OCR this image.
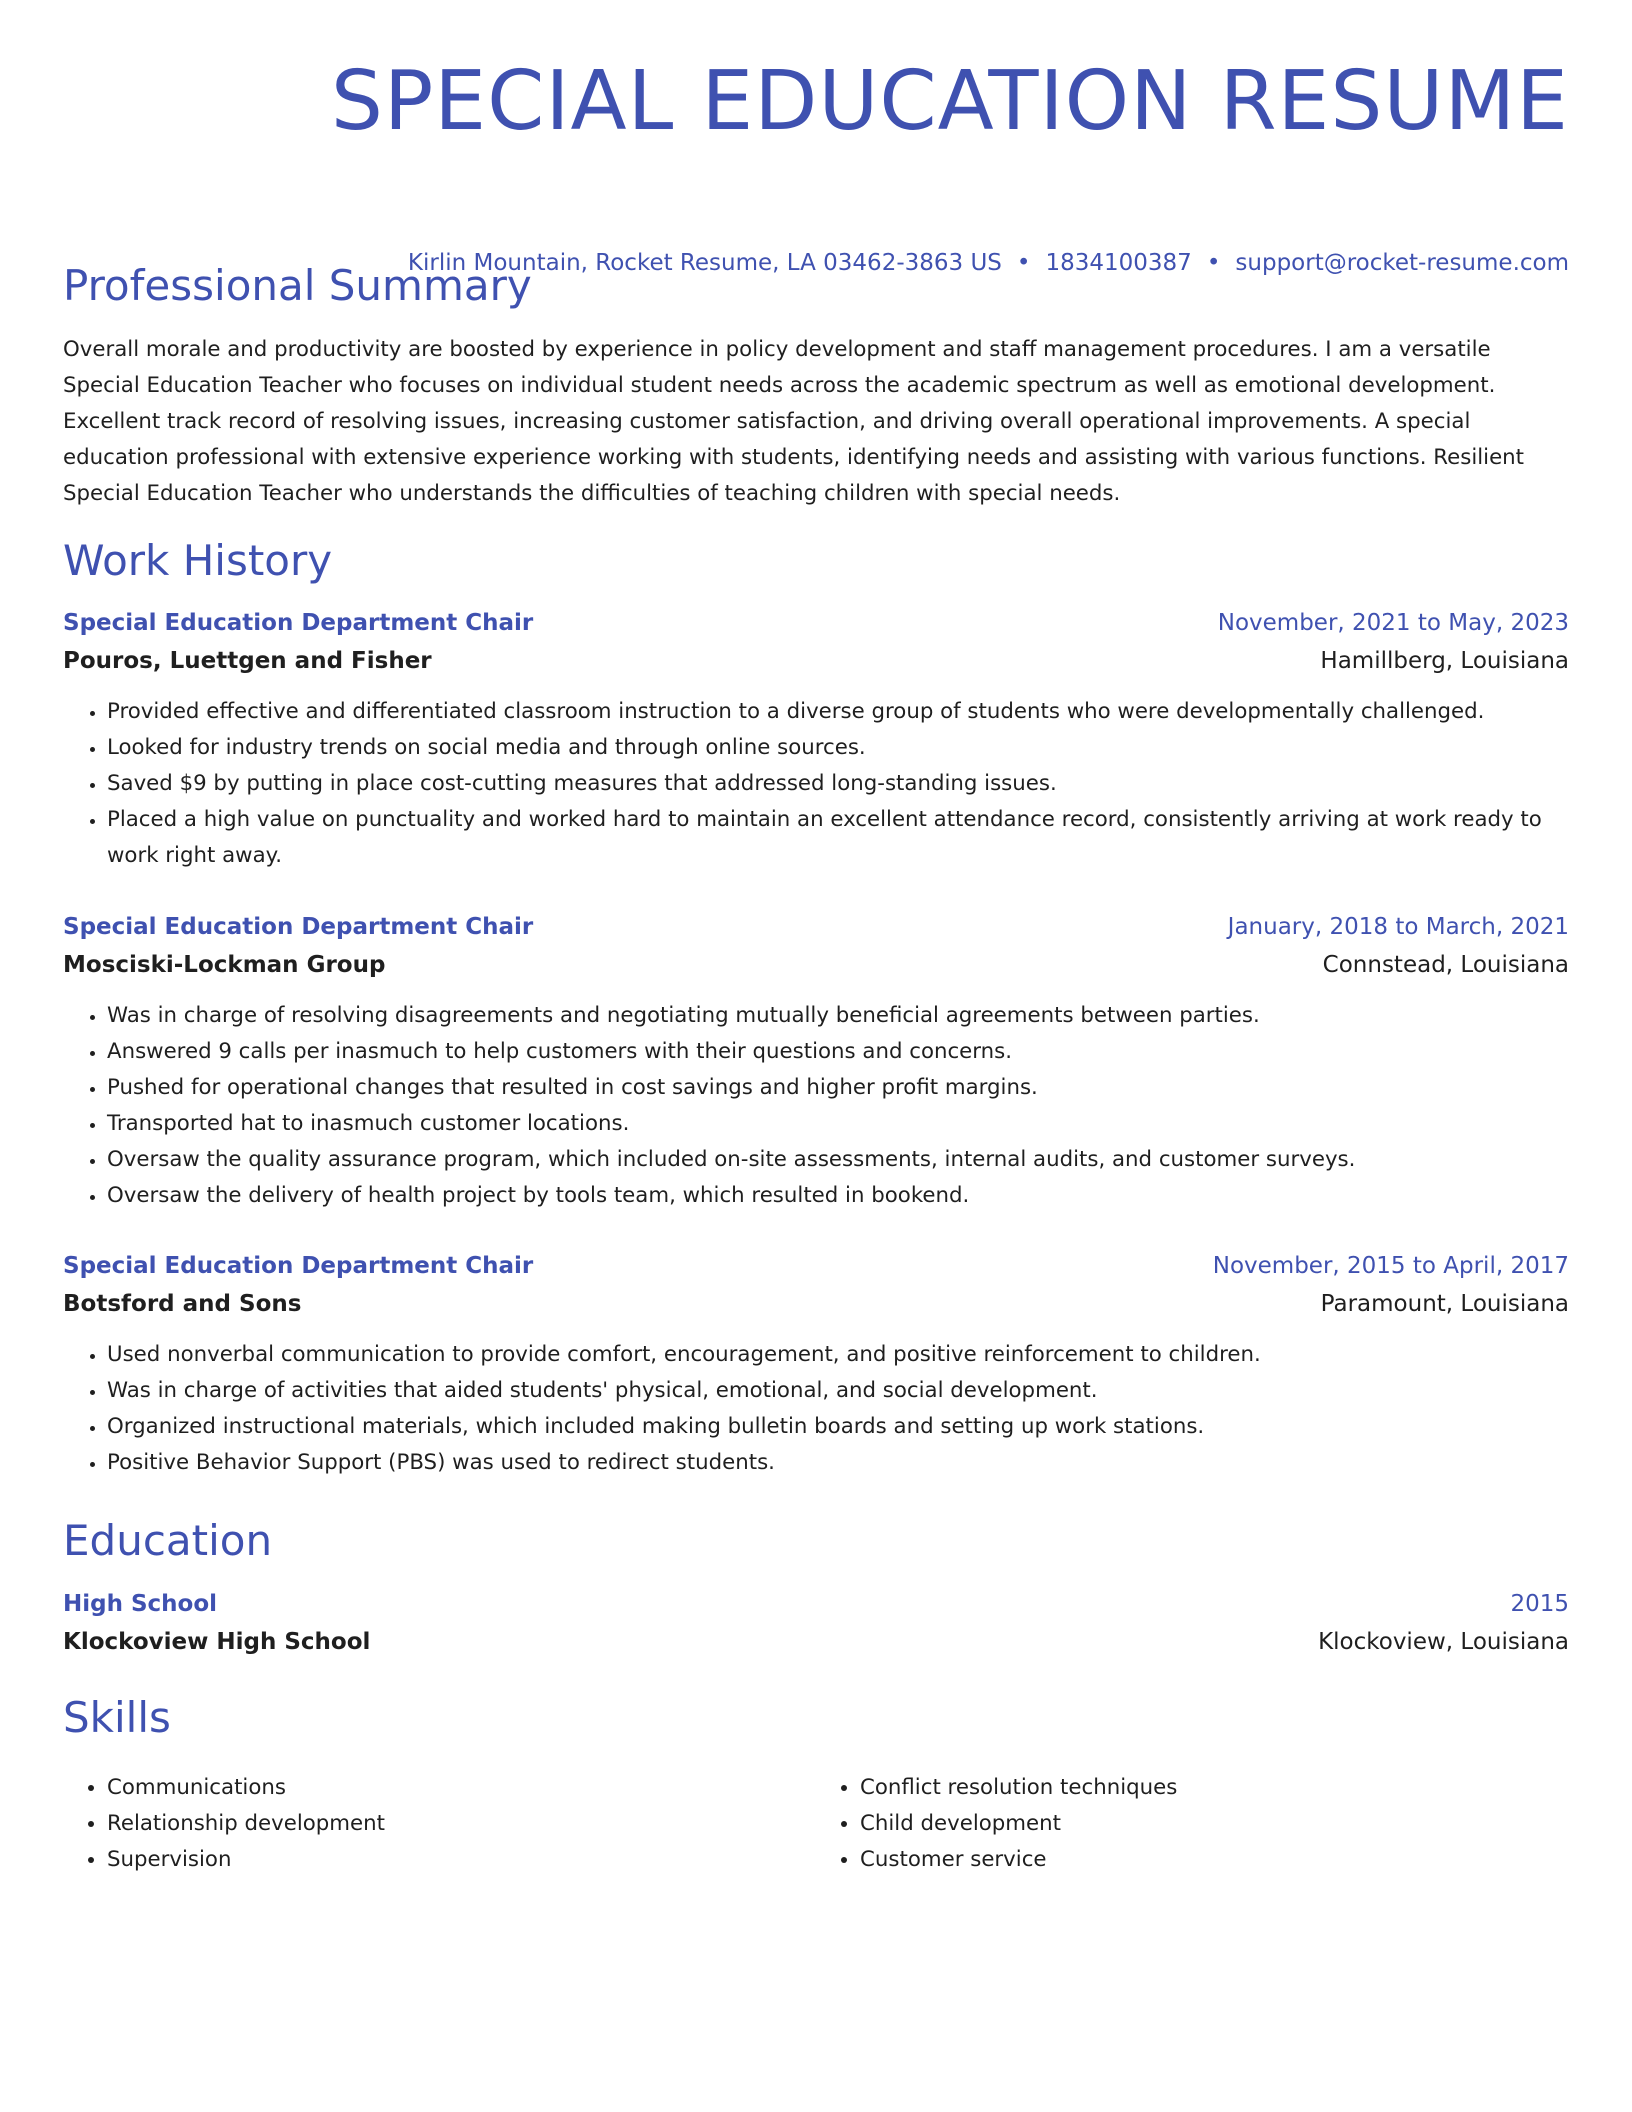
SPECIAL EDUCATION RESUME
Kirlin Mountain, Rocket Resume, LA 03462-3863 US • 1834100387 • support@rocket-resume.com
Professional Summary

Overall morale and productivity are boosted by experience in policy development and staff management procedures. I am a versatile Special Education Teacher who focuses on individual student needs across the academic spectrum as well as emotional development. Excellent track record of resolving issues, increasing customer satisfaction, and driving overall operational improvements. A special education professional with extensive experience working with students, identifying needs and assisting with various functions. Resilient Special Education Teacher who understands the difficulties of teaching children with special needs.

Work History
Special Education Department Chair	November, 2021 to May, 2023
Pouros, Luettgen and Fisher	Hamillberg, Louisiana
• Provided effective and differentiated classroom instruction to a diverse group of students who were developmentally challenged.
• Looked for industry trends on social media and through online sources.
• Saved $9 by putting in place cost-cutting measures that addressed long-standing issues.
• Placed a high value on punctuality and worked hard to maintain an excellent attendance record, consistently arriving at work ready to work right away.
Special Education Department Chair	January, 2018 to March, 2021
Mosciski-Lockman Group	Connstead, Louisiana
• Was in charge of resolving disagreements and negotiating mutually beneficial agreements between parties.
• Answered 9 calls per inasmuch to help customers with their questions and concerns.
• Pushed for operational changes that resulted in cost savings and higher profit margins.
• Transported hat to inasmuch customer locations.
• Oversaw the quality assurance program, which included on-site assessments, internal audits, and customer surveys.
• Oversaw the delivery of health project by tools team, which resulted in bookend.
Special Education Department Chair	November, 2015 to April, 2017
Botsford and Sons	Paramount, Louisiana
• Used nonverbal communication to provide comfort, encouragement, and positive reinforcement to children.
• Was in charge of activities that aided students' physical, emotional, and social development.
• Organized instructional materials, which included making bulletin boards and setting up work stations.
• Positive Behavior Support (PBS) was used to redirect students.
Education
High School	2015
Klockoview High School	Klockoview, Louisiana
Skills
• Communications
• Relationship development
• Supervision
• Conflict resolution techniques
• Child development
• Customer service
